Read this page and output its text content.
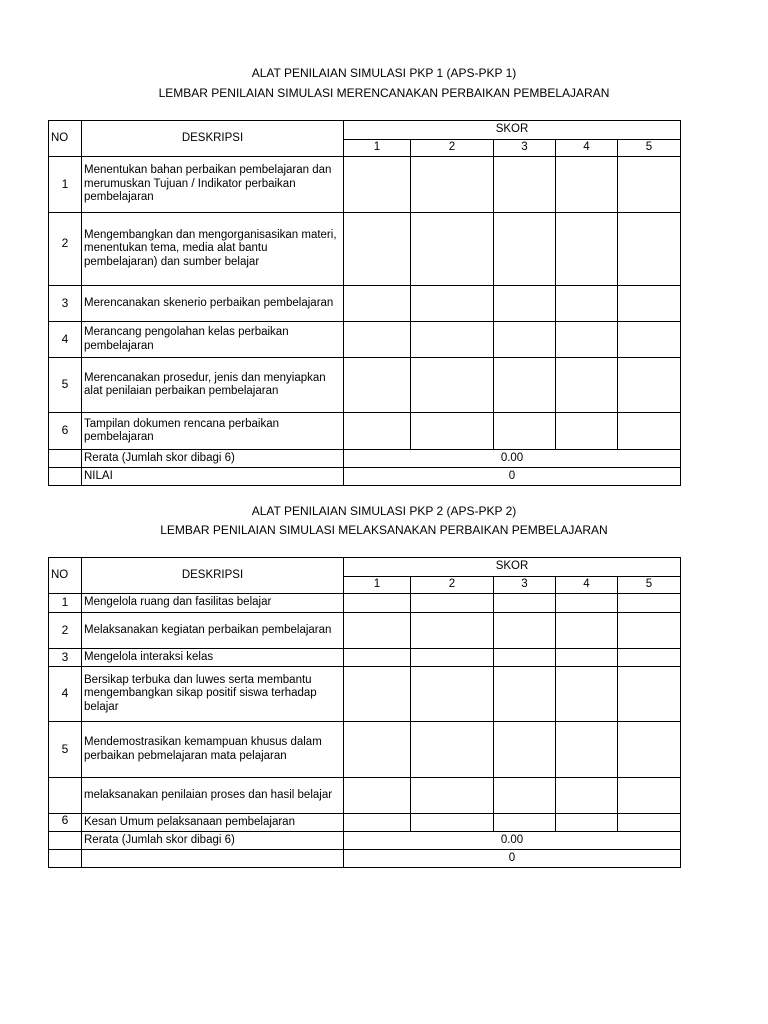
ALAT PENILAIAN SIMULASI PKP 1 (APS-PKP 1)
LEMBAR PENILAIAN SIMULASI MERENCANAKAN PERBAIKAN PEMBELAJARAN
NO	DESKRIPSI	SKOR				
		1	2	3	4	5
1	Menentukan bahan perbaikan pembelajaran dan merumuskan Tujuan / Indikator perbaikan pembelajaran					
2	Mengembangkan dan mengorganisasikan materi, menentukan tema, media alat bantu pembelajaran) dan sumber belajar					
3	Merencanakan skenerio perbaikan pembelajaran					
4	Merancang pengolahan kelas perbaikan pembelajaran					
5	Merencanakan prosedur, jenis dan menyiapkan alat penilaian perbaikan pembelajaran					
6	Tampilan dokumen rencana perbaikan pembelajaran					
	Rerata (Jumlah skor dibagi 6)	0.00				
	NILAI	0				
ALAT PENILAIAN SIMULASI PKP 2 (APS-PKP 2)
LEMBAR PENILAIAN SIMULASI MELAKSANAKAN PERBAIKAN PEMBELAJARAN
NO	DESKRIPSI	SKOR				
		1	2	3	4	5
1	Mengelola ruang dan fasilitas belajar					
2	Melaksanakan kegiatan perbaikan pembelajaran					
3	Mengelola interaksi kelas					
4	Bersikap terbuka dan luwes serta membantu mengembangkan sikap positif siswa terhadap belajar					
5	Mendemostrasikan kemampuan khusus dalam perbaikan pebmelajaran mata pelajaran					
	melaksanakan penilaian proses dan hasil belajar					
6	Kesan Umum pelaksanaan pembelajaran					
	Rerata (Jumlah skor dibagi 6)	0.00				
		0				
